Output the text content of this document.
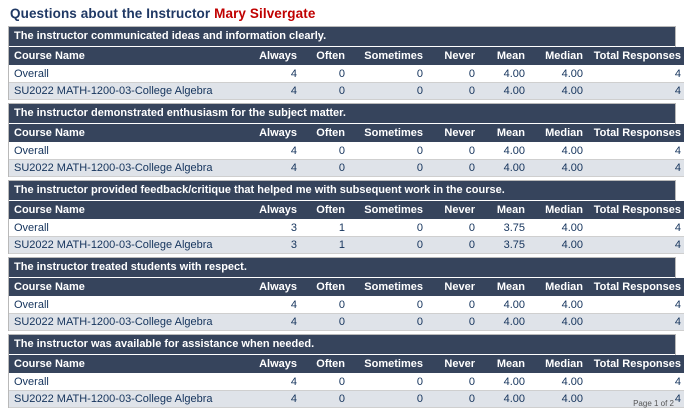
Questions about the Instructor Mary Silvergate
The instructor communicated ideas and information clearly.
Course Name	Always	Often	Sometimes	Never	Mean	Median	Total Responses
Overall	4	0	0	0	4.00	4.00	4
SU2022 MATH-1200-03-College Algebra	4	0	0	0	4.00	4.00	4
The instructor demonstrated enthusiasm for the subject matter.
Course Name	Always	Often	Sometimes	Never	Mean	Median	Total Responses
Overall	4	0	0	0	4.00	4.00	4
SU2022 MATH-1200-03-College Algebra	4	0	0	0	4.00	4.00	4
The instructor provided feedback/critique that helped me with subsequent work in the course.
Course Name	Always	Often	Sometimes	Never	Mean	Median	Total Responses
Overall	3	1	0	0	3.75	4.00	4
SU2022 MATH-1200-03-College Algebra	3	1	0	0	3.75	4.00	4
The instructor treated students with respect.
Course Name	Always	Often	Sometimes	Never	Mean	Median	Total Responses
Overall	4	0	0	0	4.00	4.00	4
SU2022 MATH-1200-03-College Algebra	4	0	0	0	4.00	4.00	4
The instructor was available for assistance when needed.
Course Name	Always	Often	Sometimes	Never	Mean	Median	Total Responses
Overall	4	0	0	0	4.00	4.00	4
SU2022 MATH-1200-03-College Algebra	4	0	0	0	4.00	4.00	4
Page 1 of 2
